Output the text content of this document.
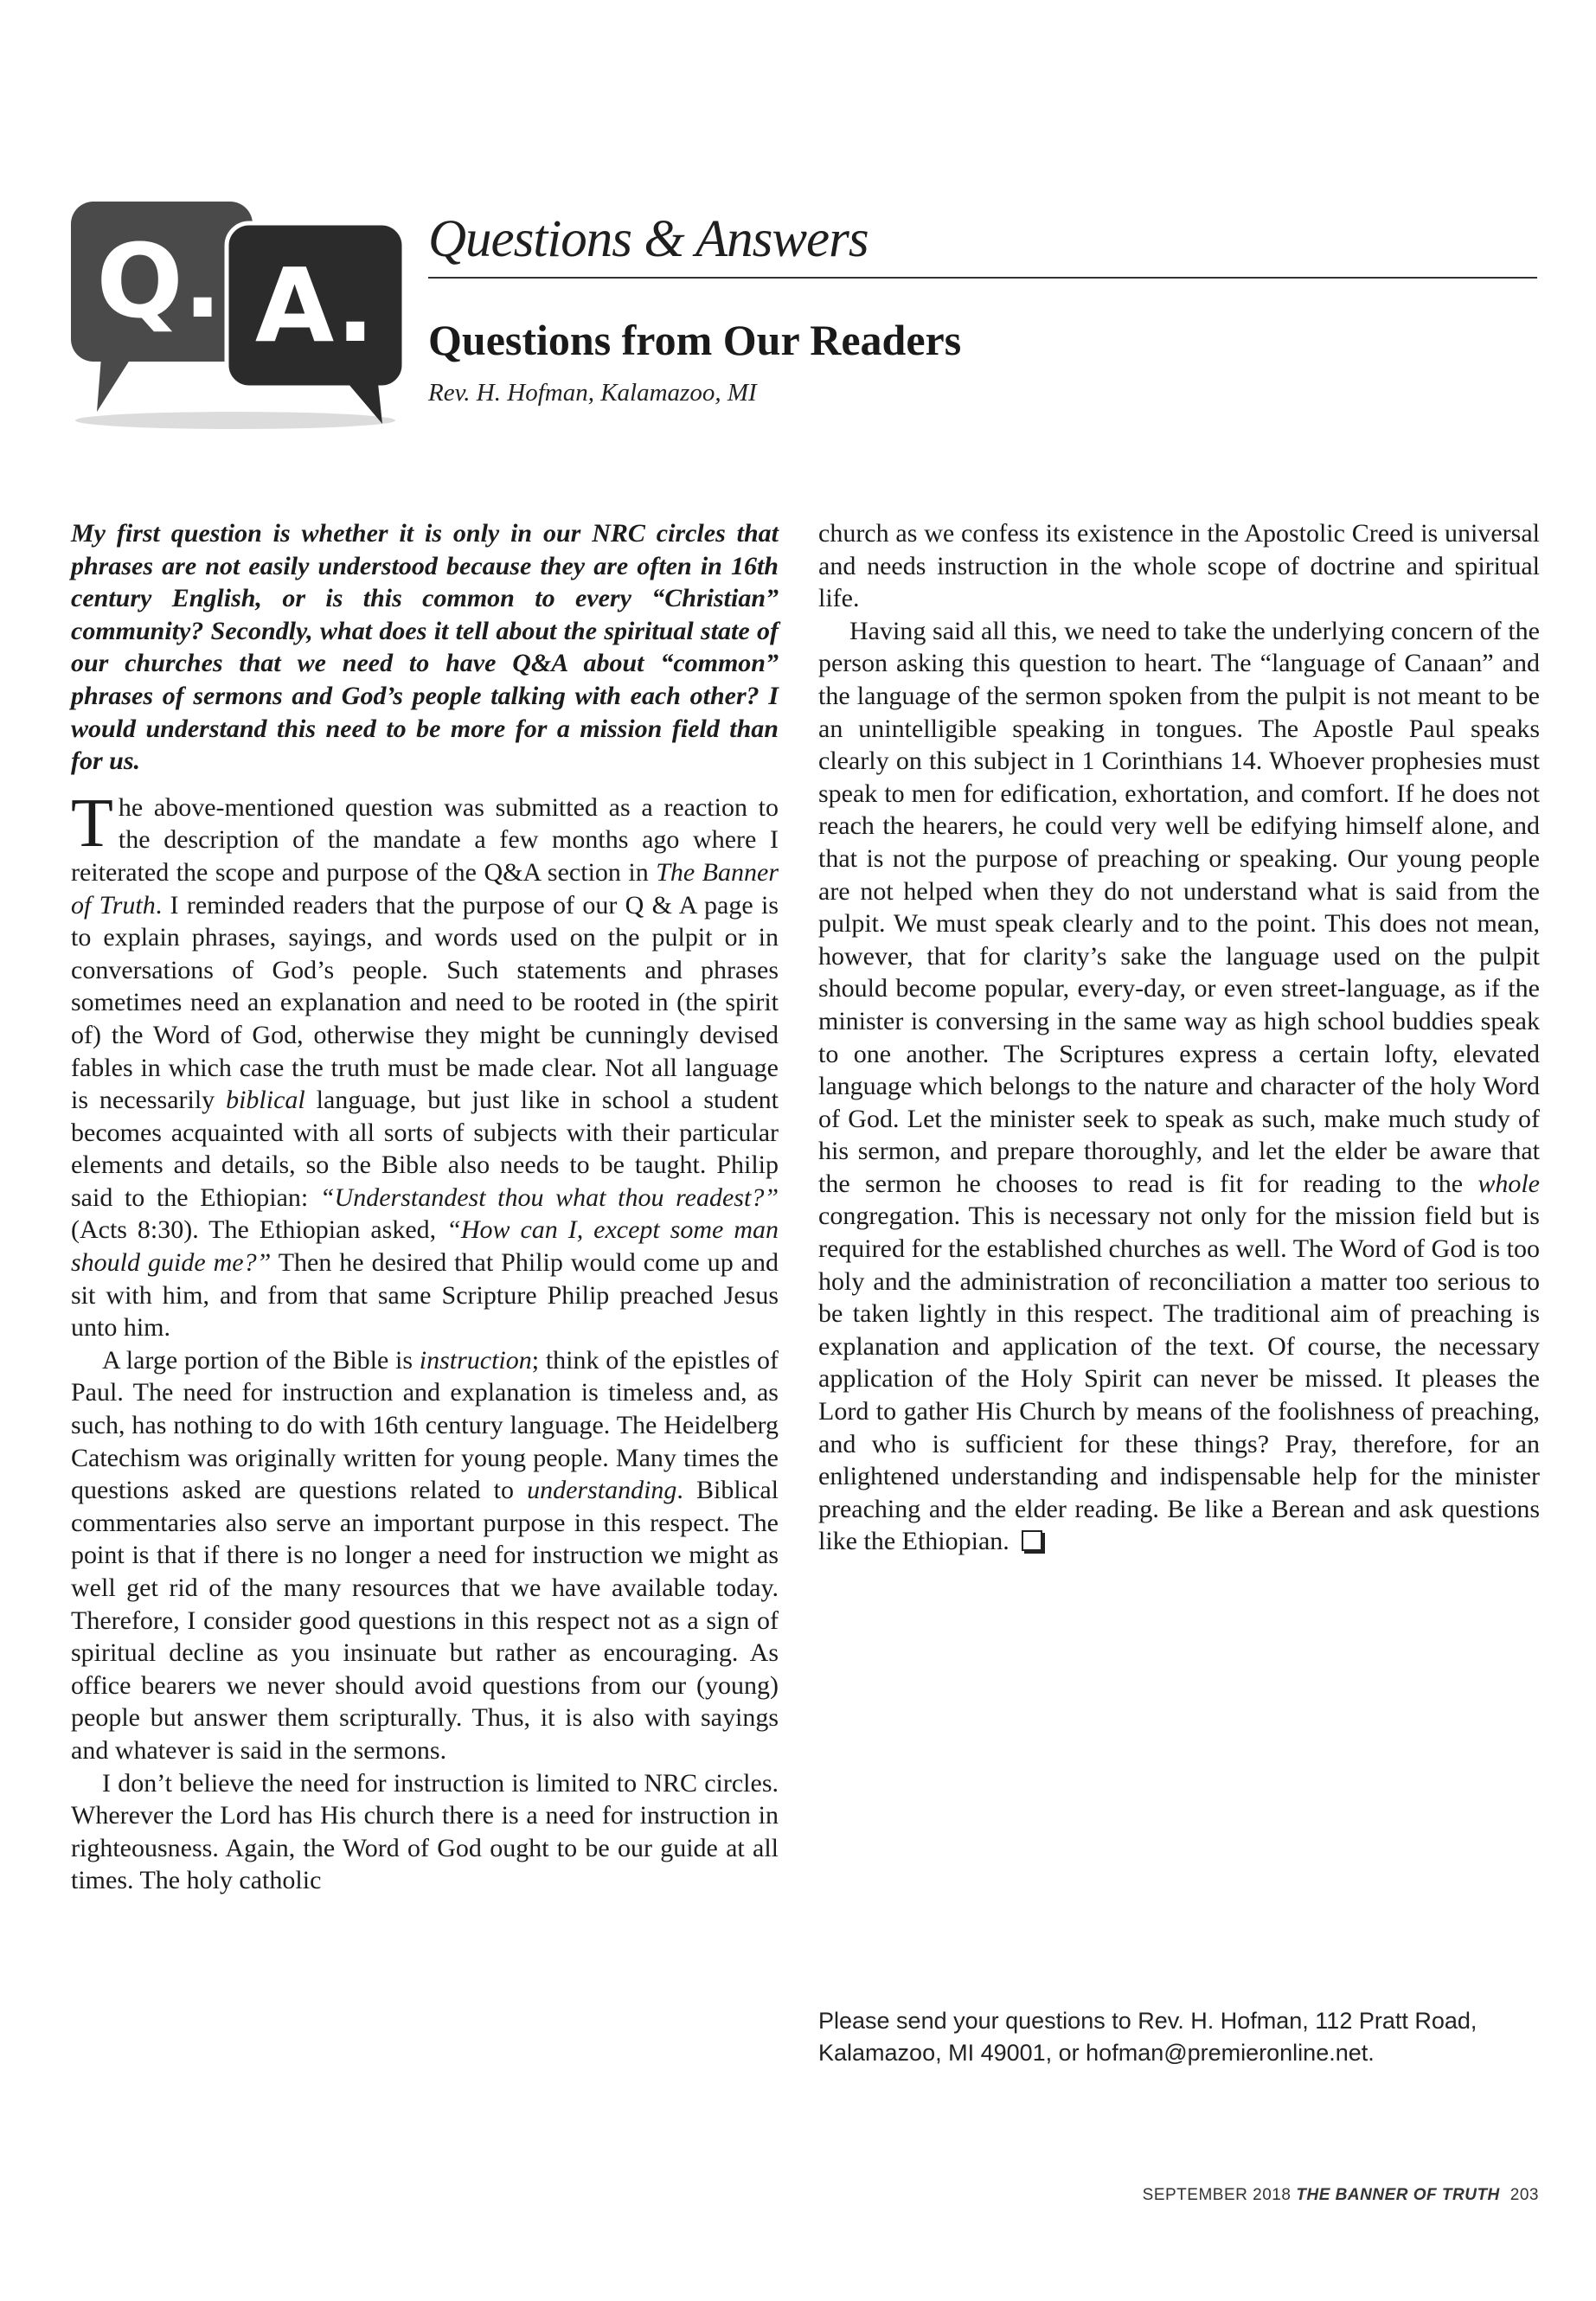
Q. A.
Questions & Answers
Questions from Our Readers
Rev. H. Hofman, Kalamazoo, MI

My first question is whether it is only in our NRC circles that phrases are not easily understood because they are often in 16th century English, or is this common to every “Christian” community? Secondly, what does it tell about the spiritual state of our churches that we need to have Q&A about “common” phrases of sermons and God’s people talking with each other? I would understand this need to be more for a mission field than for us.

The above-mentioned question was submitted as a reaction to the description of the mandate a few months ago where I reiterated the scope and purpose of the Q&A section in The Banner of Truth. I reminded readers that the purpose of our Q & A page is to explain phrases, sayings, and words used on the pulpit or in conversations of God’s people. Such statements and phrases sometimes need an explanation and need to be rooted in (the spirit of) the Word of God, otherwise they might be cunningly devised fables in which case the truth must be made clear. Not all language is necessarily biblical language, but just like in school a student becomes acquainted with all sorts of subjects with their particular elements and details, so the Bible also needs to be taught. Philip said to the Ethiopian: “Understandest thou what thou readest?” (Acts 8:30). The Ethiopian asked, “How can I, except some man should guide me?” Then he desired that Philip would come up and sit with him, and from that same Scripture Philip preached Jesus unto him.

A large portion of the Bible is instruction; think of the epistles of Paul. The need for instruction and explanation is timeless and, as such, has nothing to do with 16th century language. The Heidelberg Catechism was originally written for young people. Many times the questions asked are questions related to understanding. Biblical commentaries also serve an important purpose in this respect. The point is that if there is no longer a need for instruction we might as well get rid of the many resources that we have available today. Therefore, I consider good questions in this respect not as a sign of spiritual decline as you insinuate but rather as encouraging. As office bearers we never should avoid questions from our (young) people but answer them scripturally. Thus, it is also with sayings and whatever is said in the sermons.

I don’t believe the need for instruction is limited to NRC circles. Wherever the Lord has His church there is a need for instruction in righteousness. Again, the Word of God ought to be our guide at all times. The holy catholic

church as we confess its existence in the Apostolic Creed is universal and needs instruction in the whole scope of doctrine and spiritual life.

Having said all this, we need to take the underlying concern of the person asking this question to heart. The “language of Canaan” and the language of the sermon spoken from the pulpit is not meant to be an unintelligible speaking in tongues. The Apostle Paul speaks clearly on this subject in 1 Corinthians 14. Whoever prophesies must speak to men for edification, exhortation, and comfort. If he does not reach the hearers, he could very well be edifying himself alone, and that is not the purpose of preaching or speaking. Our young people are not helped when they do not understand what is said from the pulpit. We must speak clearly and to the point. This does not mean, however, that for clarity’s sake the language used on the pulpit should become popular, every-day, or even street-language, as if the minister is conversing in the same way as high school buddies speak to one another. The Scriptures express a certain lofty, elevated language which belongs to the nature and character of the holy Word of God. Let the minister seek to speak as such, make much study of his sermon, and prepare thoroughly, and let the elder be aware that the sermon he chooses to read is fit for reading to the whole congregation. This is necessary not only for the mission field but is required for the established churches as well. The Word of God is too holy and the administration of reconciliation a matter too serious to be taken lightly in this respect. The traditional aim of preaching is explanation and application of the text. Of course, the necessary application of the Holy Spirit can never be missed. It pleases the Lord to gather His Church by means of the foolishness of preaching, and who is sufficient for these things? Pray, therefore, for an enlightened understanding and indispensable help for the minister preaching and the elder reading. Be like a Berean and ask questions like the Ethiopian.

Please send your questions to Rev. H. Hofman, 112 Pratt Road, Kalamazoo, MI 49001, or hofman@premieronline.net.
SEPTEMBER 2018 THE BANNER OF TRUTH 203
